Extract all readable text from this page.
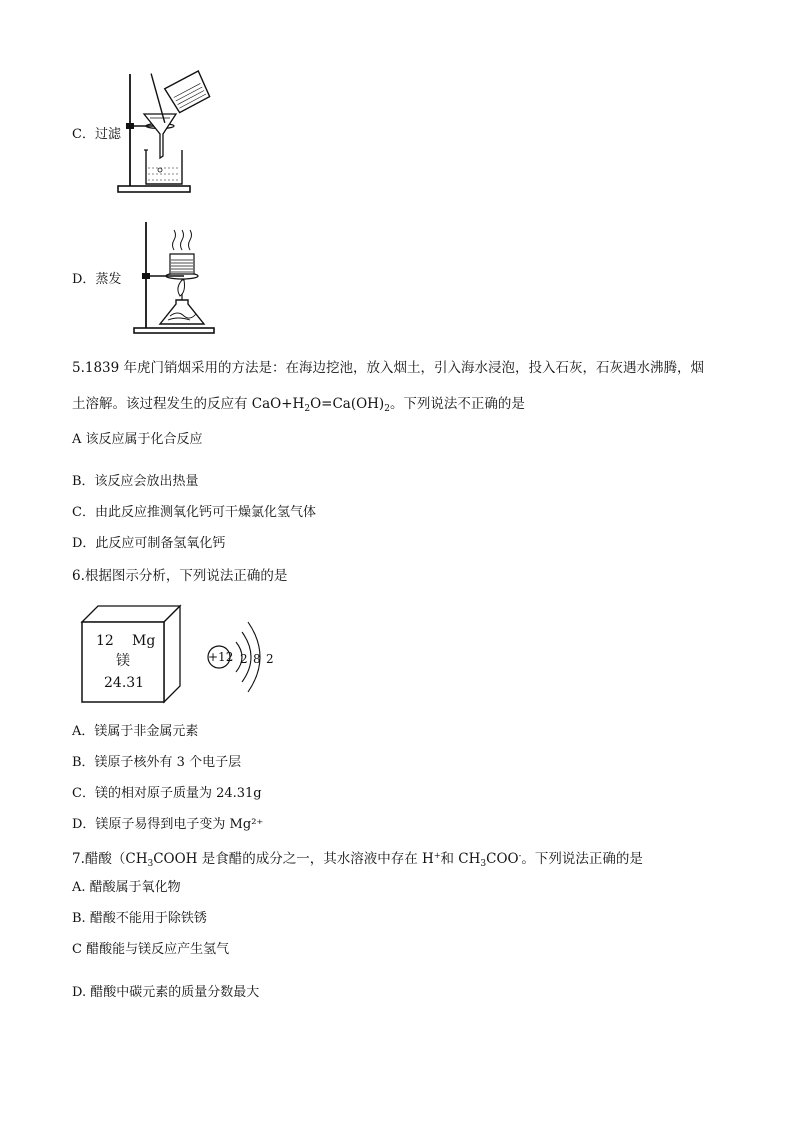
C．过滤
D．蒸发
5.1839 年虎门销烟采用的方法是：在海边挖池，放入烟土，引入海水浸泡，投入石灰，石灰遇水沸腾，烟
土溶解。该过程发生的反应有 $CaO+H_2O=Ca(OH)_2$。下列说法不正确的是
A 该反应属于化合反应
B．该反应会放出热量
C．由此反应推测氧化钙可干燥氯化氢气体
D．此反应可制备氢氧化钙
6.根据图示分析，下列说法正确的是
12 Mg
镁
24.31
+12 2 8 2
A．镁属于非金属元素
B．镁原子核外有 3 个电子层
C．镁的相对原子质量为 24.31g
D．镁原子易得到电子变为 Mg²⁺
7.醋酸（$CH_3COOH$ 是食醋的成分之一，其水溶液中存在 H+和 $CH_3COO^-$。下列说法正确的是
A. 醋酸属于氧化物
B. 醋酸不能用于除铁锈
C 醋酸能与镁反应产生氢气
D. 醋酸中碳元素的质量分数最大
